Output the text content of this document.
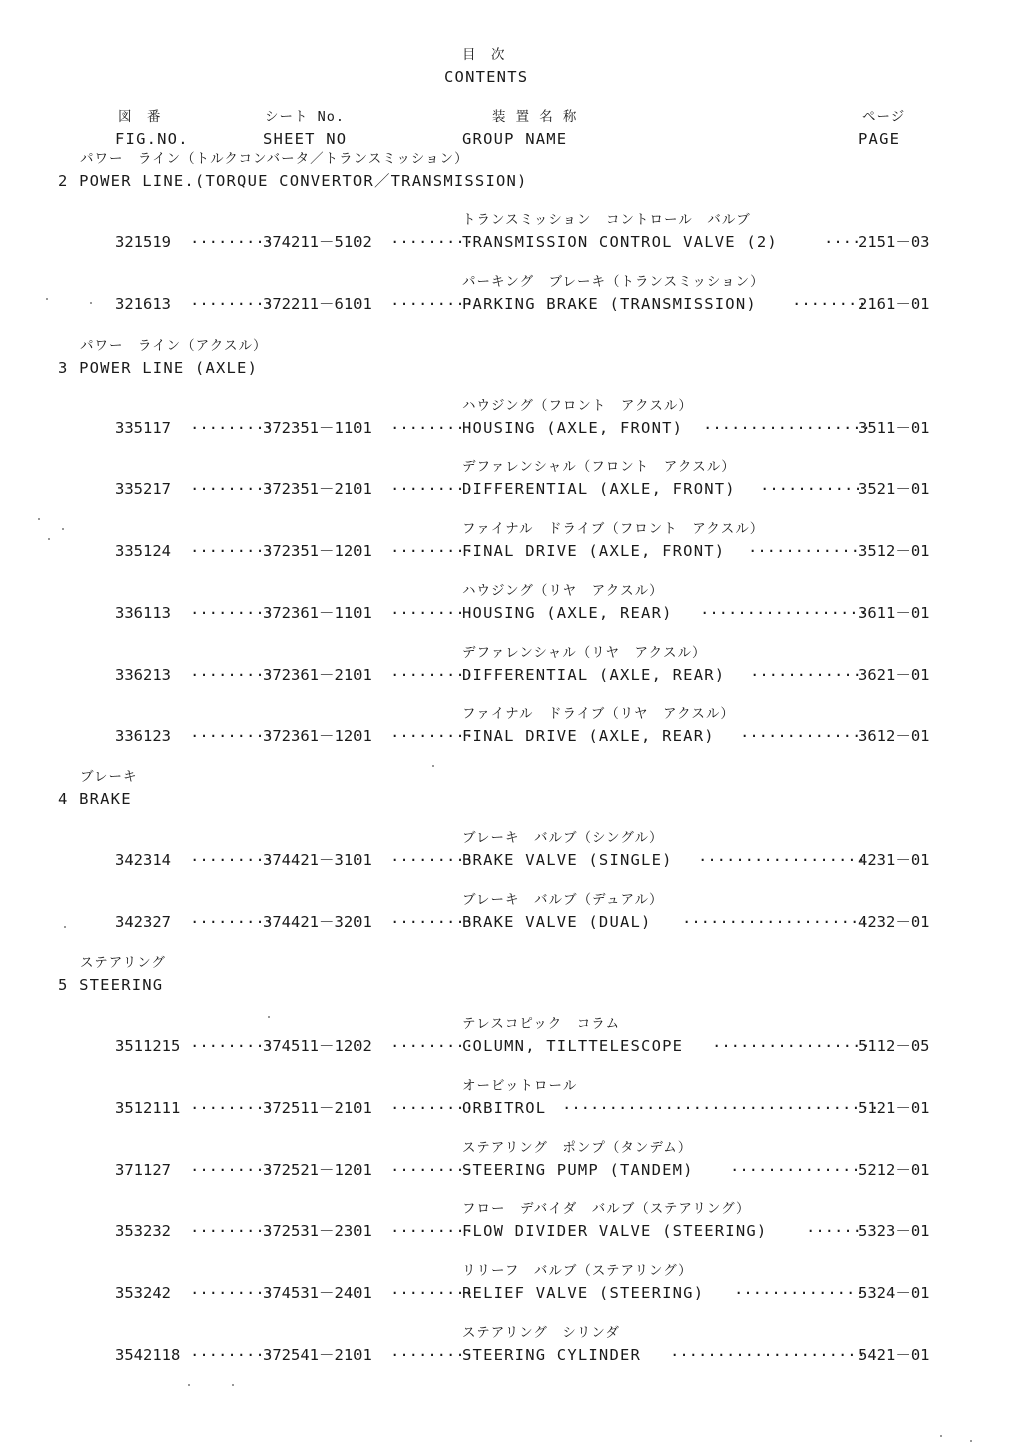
目　次
CONTENTS
図　番
FIG.NO.
シート No.
SHEET NO
装 置 名 称
GROUP NAME
ページ
PAGE
パワー　ライン（トルクコンバータ／トランスミッション）
2 POWER LINE.(TORQUE CONVERTOR／TRANSMISSION)
トランスミッション　コントロール　バルブ
321519 ·········
374211－5102 ·········
TRANSMISSION CONTROL VALVE (2)	····
2151－03
パーキング　ブレーキ（トランスミッション）
321613 ·········
372211－6101 ·········
PARKING BRAKE (TRANSMISSION) ········
2161－01
パワー　ライン（アクスル）
3 POWER LINE (AXLE)
ハウジング（フロント　アクスル）
335117 ·········
372351－1101 ·········
HOUSING (AXLE, FRONT) ··················
3511－01
デファレンシャル（フロント　アクスル）
335217 ·········
372351－2101 ·········
DIFFERENTIAL (AXLE, FRONT) ···········
3521－01
ファイナル　ドライブ（フロント　アクスル）
335124 ·········
372351－1201 ·········
FINAL DRIVE (AXLE, FRONT) ············
3512－01
ハウジング（リヤ　アクスル）
336113 ·········
372361－1101 ·········
HOUSING (AXLE, REAR) ··················
3611－01
デファレンシャル（リヤ　アクスル）
336213 ·········
372361－2101 ·········
DIFFERENTIAL (AXLE, REAR) ············
3621－01
ファイナル　ドライブ（リヤ　アクスル）
336123 ·········
372361－1201 ·········
FINAL DRIVE (AXLE, REAR) ·············
3612－01
ブレーキ
4 BRAKE
ブレーキ　バルブ（シングル）
342314 ·········
374421－3101 ·········
BRAKE VALVE (SINGLE) ··················
4231－01
ブレーキ　バルブ（デュアル）
342327 ·········
374421－3201 ·········
BRAKE VALVE (DUAL) ····················
4232－01
ステアリング
5 STEERING
テレスコピック　コラム
3511215 ·········
374511－1202 ·········
COLUMN, TILTTELESCOPE ·················
5112－05
オービットロール
3512111 ·········
372511－2101 ·········
ORBITROL ··································
5121－01
ステアリング　ポンプ（タンデム）
371127 ·········
372521－1201 ·········
STEERING PUMP (TANDEM) ··············
5212－01
フロー　デバイダ　バルブ（ステアリング）
353232 ·········
372531－2301 ·········
FLOW DIVIDER VALVE (STEERING) ······
5323－01
リリーフ　バルブ（ステアリング）
353242 ·········
374531－2401 ·········
RELIEF VALVE (STEERING) ··············
5324－01
ステアリング　シリンダ
3542118 ·········
372541－2101 ·········
STEERING CYLINDER ·····················
5421－01
